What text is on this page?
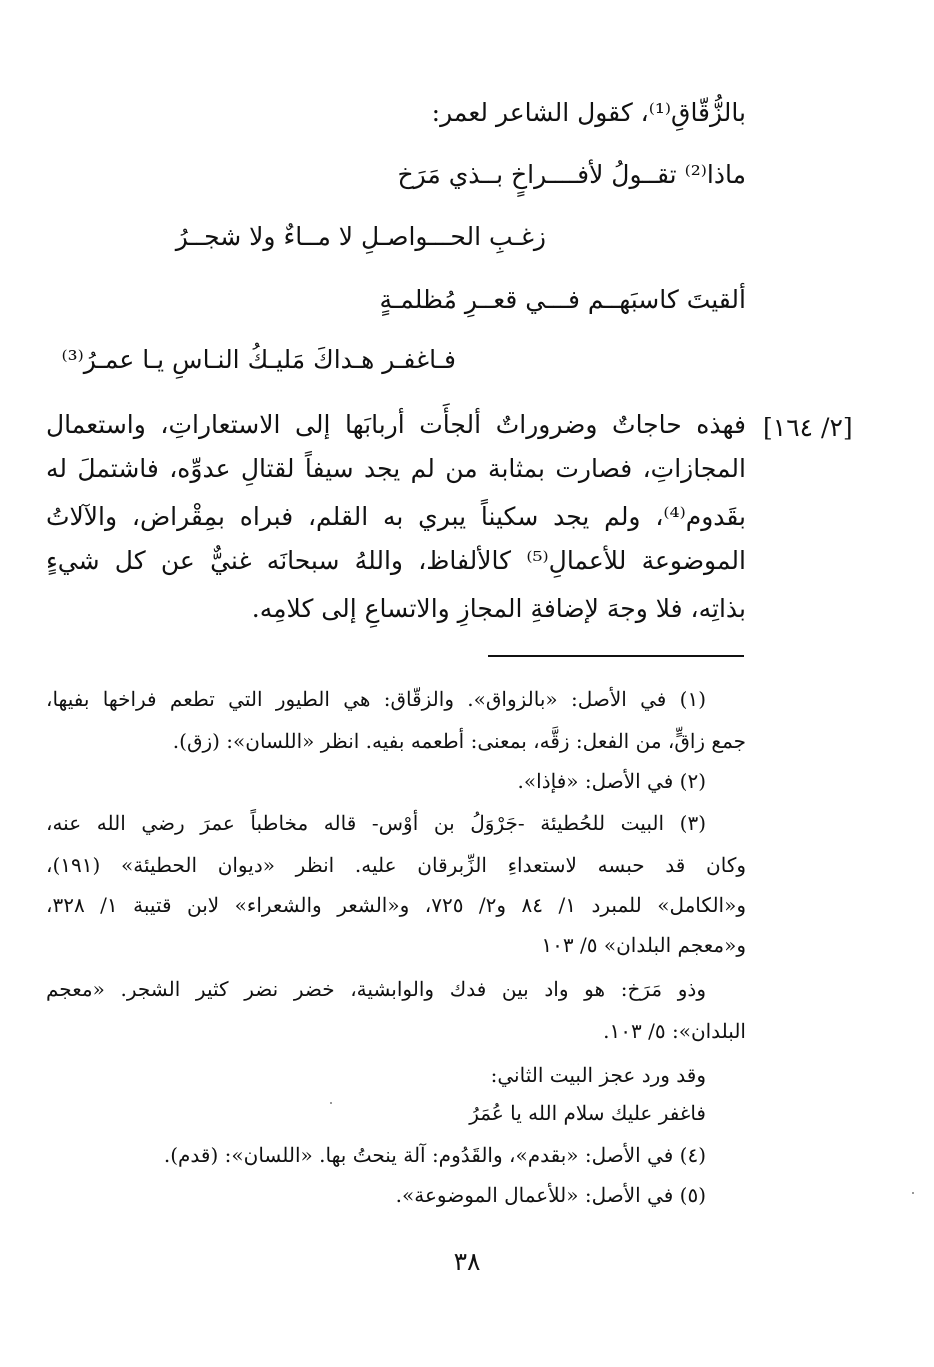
بالزُّقّاقِ⁽¹⁾، كقول الشاعر لعمر:
ماذا⁽²⁾ تقــولُ لأفــــراخٍ بــذي مَرَخ
زغـبِ الحـــواصـلِ لا مــاءٌ ولا شجــرُ
ألقيتَ كاسبَهــم فـــي قعــرِ مُظلمـةٍ
فـاغفـر هـداكَ مَليـكُ النـاسِ يـا عمـرُ⁽³⁾
[٢/ ١٦٤]
فهذه حاجاتٌ وضروراتٌ ألجأَت أربابَها إلى الاستعاراتِ، واستعمال
المجازاتِ، فصارت بمثابة من لم يجد سيفاً لقتالِ عدوِّه، فاشتملَ له
بقَدوم⁽⁴⁾، ولم يجد سكيناً يبري به القلم، فبراه بمِقْراض، والآلاتُ
الموضوعة للأعمالِ⁽⁵⁾ كالألفاظ، واللهُ سبحانَه غنيٌّ عن كل شيءٍ
بذاتِه، فلا وجهَ لإضافةِ المجازِ والاتساعِ إلى كلامِه.
(١) في الأصل: «بالزواق». والزقّاق: هي الطيور التي تطعم فراخها بفيها،
جمع زاقٍّ، من الفعل: زقَّه، بمعنى: أطعمه بفيه. انظر «اللسان»: (زق).
(٢) في الأصل: «فإذا».
(٣) البيت للحُطيئة -جَرْوَلُ بن أوْس- قاله مخاطباً عمرَ رضي الله عنه،
وكان قد حبسه لاستعداءِ الزِّبرقان عليه. انظر «ديوان الحطيئة» (١٩١)،
و«الكامل» للمبرد ١/ ٨٤ و٢/ ٧٢٥، و«الشعر والشعراء» لابن قتيبة ١/ ٣٢٨،
و«معجم البلدان» ٥/ ١٠٣
وذو مَرَخ: هو واد بين فدك والوابشية، خضر نضر كثير الشجر. «معجم
البلدان»: ٥/ ١٠٣.
وقد ورد عجز البيت الثاني:
فاغفر عليك سلام الله يا عُمَرُ
(٤) في الأصل: «بقدم»، والقَدُوم: آلة ينحتُ بها. «اللسان»: (قدم).
(٥) في الأصل: «للأعمال الموضوعة».
٣٨
